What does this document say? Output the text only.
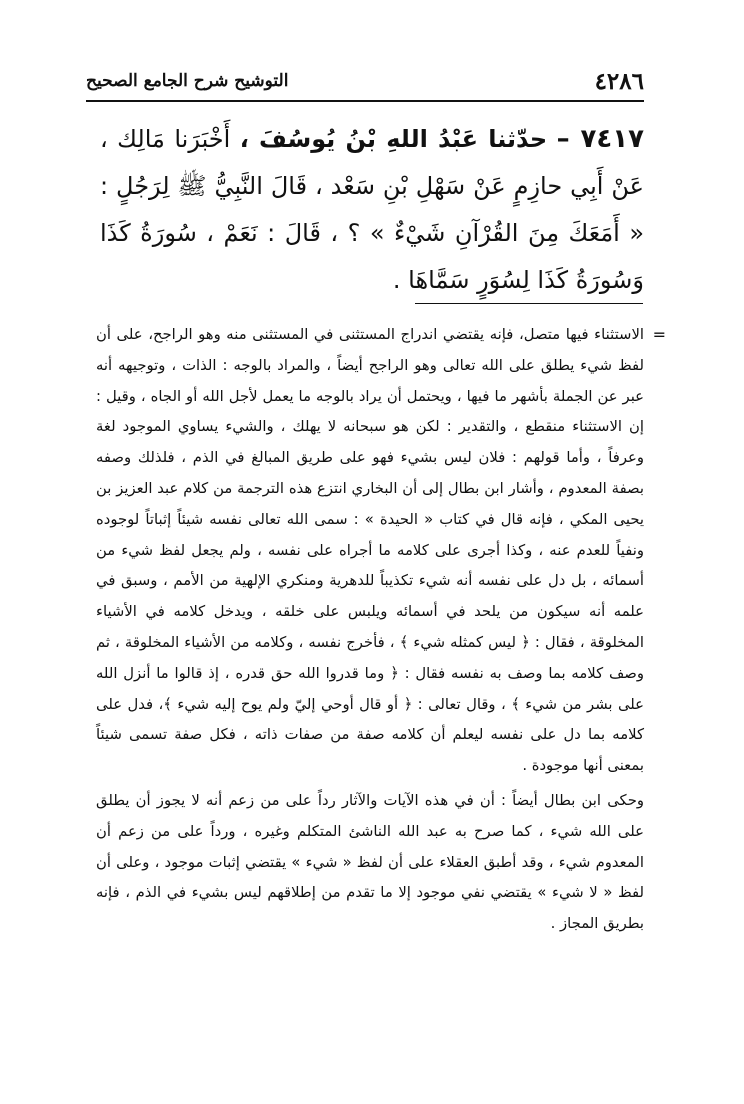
٤٢٨٦
التوشيح شرح الجامع الصحيح
٧٤١٧ – حدّثنا عَبْدُ اللهِ بْنُ يُوسُفَ ، أَخْبَرَنا مَالِك ، عَنْ أَبِي حازِمٍ عَنْ سَهْلِ بْنِ سَعْد ، قَالَ النَّبِيُّ ﷺ لِرَجُلٍ : « أَمَعَكَ مِنَ القُرْآنِ شَيْءٌ » ؟ ، قَالَ : نَعَمْ ، سُورَةُ كَذَا وَسُورَةُ كَذَا لِسُوَرٍ سَمَّاهَا .

=
الاستثناء فيها متصل، فإنه يقتضي اندراج المستثنى في المستثنى منه وهو الراجح، على أن لفظ شيء يطلق على الله تعالى وهو الراجح أيضاً ، والمراد بالوجه : الذات ، وتوجيهه أنه عبر عن الجملة بأشهر ما فيها ، ويحتمل أن يراد بالوجه ما يعمل لأجل الله أو الجاه ، وقيل : إن الاستثناء منقطع ، والتقدير : لكن هو سبحانه لا يهلك ، والشيء يساوي الموجود لغة وعرفاً ، وأما قولهم : فلان ليس بشيء فهو على طريق المبالغ في الذم ، فلذلك وصفه بصفة المعدوم ، وأشار ابن بطال إلى أن البخاري انتزع هذه الترجمة من كلام عبد العزيز بن يحيى المكي ، فإنه قال في كتاب « الحيدة » : سمى الله تعالى نفسه شيئاً إثباتاً لوجوده ونفياً للعدم عنه ، وكذا أجرى على كلامه ما أجراه على نفسه ، ولم يجعل لفظ شيء من أسمائه ، بل دل على نفسه أنه شيء تكذيباً للدهرية ومنكري الإلهية من الأمم ، وسبق في علمه أنه سيكون من يلحد في أسمائه ويلبس على خلقه ، ويدخل كلامه في الأشياء المخلوقة ، فقال : ﴿ ليس كمثله شيء ﴾ ، فأخرج نفسه ، وكلامه من الأشياء المخلوقة ، ثم وصف كلامه بما وصف به نفسه فقال : ﴿ وما قدروا الله حق قدره ، إذ قالوا ما أنزل الله على بشر من شيء ﴾ ، وقال تعالى : ﴿ أو قال أوحي إليّ ولم يوح إليه شيء ﴾، فدل على كلامه بما دل على نفسه ليعلم أن كلامه صفة من صفات ذاته ، فكل صفة تسمى شيئاً بمعنى أنها موجودة .

وحكى ابن بطال أيضاً : أن في هذه الآيات والآثار رداً على من زعم أنه لا يجوز أن يطلق على الله شيء ، كما صرح به عبد الله الناشئ المتكلم وغيره ، ورداً على من زعم أن المعدوم شيء ، وقد أطبق العقلاء على أن لفظ « شيء » يقتضي إثبات موجود ، وعلى أن لفظ « لا شيء » يقتضي نفي موجود إلا ما تقدم من إطلاقهم ليس بشيء في الذم ، فإنه بطريق المجاز .
